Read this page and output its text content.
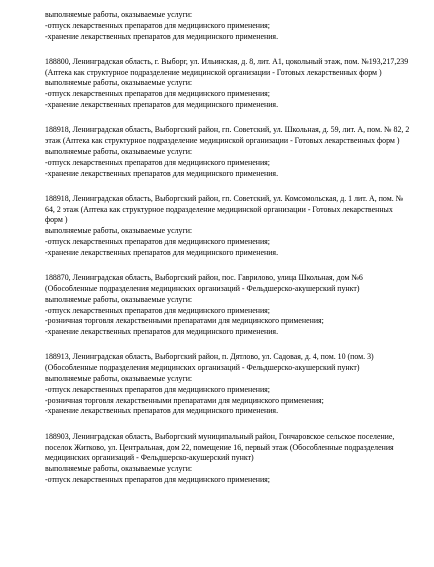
выполняемые работы, оказываемые услуги:
-отпуск лекарственных препаратов для медицинского применения;
-хранение лекарственных препаратов для медицинского применения.
188800, Ленинградская область, г. Выборг, ул. Ильинская, д. 8, лит. А1, цокольный этаж, пом. №193,217,239 (Аптека как структурное подразделение медицинской организации - Готовых лекарственных форм )
выполняемые работы, оказываемые услуги:
-отпуск лекарственных препаратов для медицинского применения;
-хранение лекарственных препаратов для медицинского применения.
188918, Ленинградская область, Выборгский район, гп. Советский, ул. Школьная, д. 59, лит. А, пом. № 82, 2 этаж (Аптека как структурное подразделение медицинской организации - Готовых лекарственных форм )
выполняемые работы, оказываемые услуги:
-отпуск лекарственных препаратов для медицинского применения;
-хранение лекарственных препаратов для медицинского применения.
188918, Ленинградская область, Выборгский район, гп. Советский, ул. Комсомольская, д. 1 лит. А, пом. № 64, 2 этаж (Аптека как структурное подразделение медицинской организации - Готовых лекарственных форм )
выполняемые работы, оказываемые услуги:
-отпуск лекарственных препаратов для медицинского применения;
-хранение лекарственных препаратов для медицинского применения.
188870, Ленинградская область, Выборгский район, пос. Гаврилово, улица Школьная, дом №6 (Обособленные подразделения медицинских организаций - Фельдшерско-акушерский пункт)
выполняемые работы, оказываемые услуги:
-отпуск лекарственных препаратов для медицинского применения;
-розничная торговля лекарственными препаратами для медицинского применения;
-хранение лекарственных препаратов для медицинского применения.
188913, Ленинградская область, Выборгский район, п. Дятлово, ул. Садовая, д. 4, пом. 10 (пом. 3) (Обособленные подразделения медицинских организаций - Фельдшерско-акушерский пункт)
выполняемые работы, оказываемые услуги:
-отпуск лекарственных препаратов для медицинского применения;
-розничная торговля лекарственными препаратами для медицинского применения;
-хранение лекарственных препаратов для медицинского применения.
188903, Ленинградская область, Выборгский муниципальный район, Гончаровское сельское поселение, поселок Житково, ул. Центральная, дом 22, помещение 16, первый этаж (Обособленные подразделения медицинских организаций - Фельдшерско-акушерский пункт)
выполняемые работы, оказываемые услуги:
-отпуск лекарственных препаратов для медицинского применения;
